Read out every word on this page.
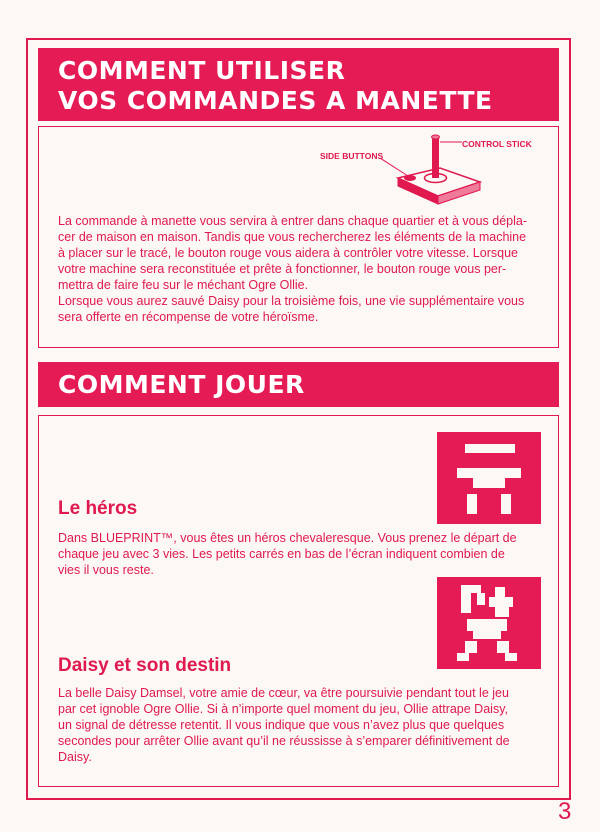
COMMENT UTILISER
VOS COMMANDES A MANETTE
SIDE BUTTONS
CONTROL STICK
La commande à manette vous servira à entrer dans chaque quartier et à vous dépla-
cer de maison en maison. Tandis que vous rechercherez les éléments de la machine
à placer sur le tracé, le bouton rouge vous aidera à contrôler votre vitesse. Lorsque
votre machine sera reconstituée et prête à fonctionner, le bouton rouge vous per-
mettra de faire feu sur le méchant Ogre Ollie.
Lorsque vous aurez sauvé Daisy pour la troisième fois, une vie supplémentaire vous
sera offerte en récompense de votre héroïsme.
COMMENT JOUER
Le héros
Dans BLUEPRINT™, vous êtes un héros chevaleresque. Vous prenez le départ de
chaque jeu avec 3 vies. Les petits carrés en bas de l’écran indiquent combien de
vies il vous reste.
Daisy et son destin
La belle Daisy Damsel, votre amie de cœur, va être poursuivie pendant tout le jeu
par cet ignoble Ogre Ollie. Si à n’importe quel moment du jeu, Ollie attrape Daisy,
un signal de détresse retentit. Il vous indique que vous n’avez plus que quelques
secondes pour arrêter Ollie avant qu’il ne réussisse à s’emparer définitivement de
Daisy.
3
